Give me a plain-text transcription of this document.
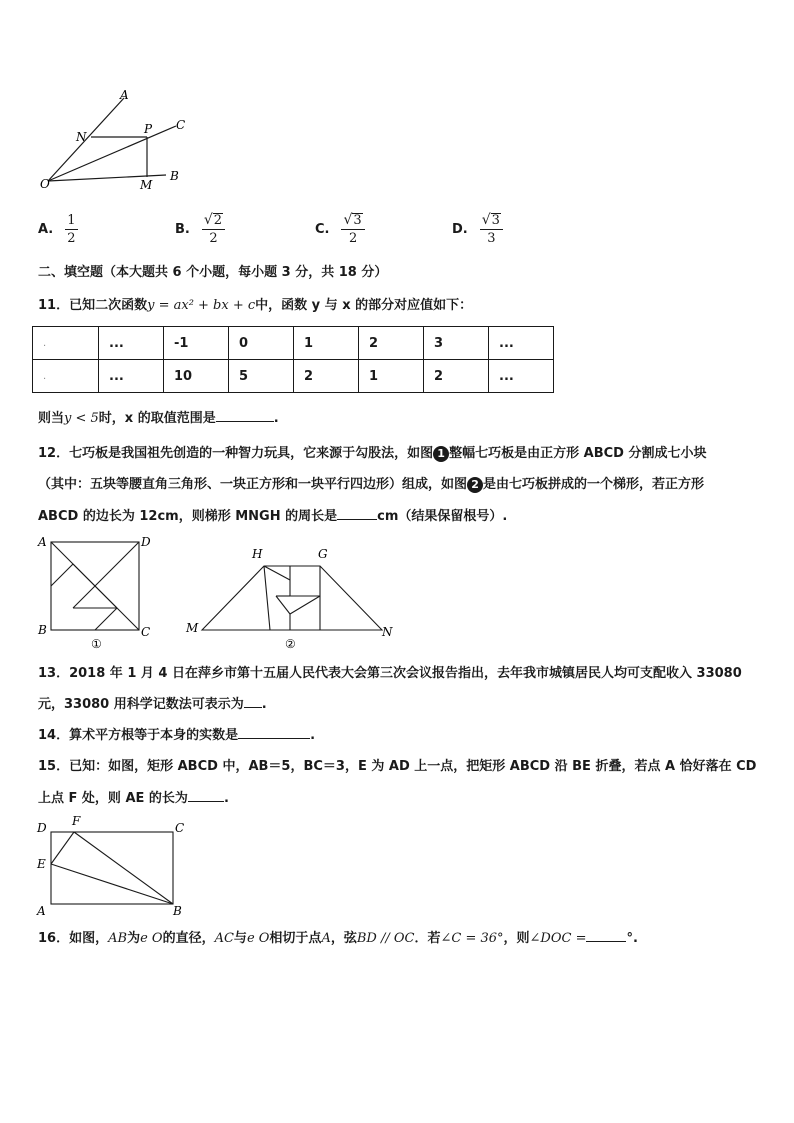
A
C
B
N
P
O	M
A. $\frac{1}{2}$	B. $\frac{√ 2}{2}$	C. $\frac{√ 3}{2}$	D. $\frac{√ 3}{3}$
二、填空题（本大题共 6 个小题，每小题 3 分，共 18 分）
11．已知二次函数y = ax² + bx + c中，函数 y 与 x 的部分对应值如下：
.	...	-1	0	1	2	3	...
.	...	10	5	2	1	2	...
则当y < 5时，x 的取值范围是	.
12．七巧板是我国祖先创造的一种智力玩具，它来源于勾股法，如图 1 整幅七巧板是由正方形 ABCD 分割成七小块
（其中：五块等腰直角三角形、一块正方形和一块平行四边形）组成，如图 2 是由七巧板拼成的一个梯形，若正方形
ABCD 的边长为 12cm，则梯形 MNGH 的周长是	cm（结果保留根号）.
A	D
B	C
①
H	G
M	N
②
13．2018 年 1 月 4 日在萍乡市第十五届人民代表大会第三次会议报告指出，去年我市城镇居民人均可支配收入 33080
元，33080 用科学记数法可表示为 .
14．算术平方根等于本身的实数是	.
15．已知：如图，矩形 ABCD 中，AB＝5，BC＝3，E 为 AD 上一点，把矩形 ABCD 沿 BE 折叠，若点 A 恰好落在 CD
上点 F 处，则 AE 的长为	.
D F	C
E
A	B
16．如图，AB为e O的直径，AC与e O相切于点A，弦BD // OC．若∠C = 36°，则∠DOC =	°.
